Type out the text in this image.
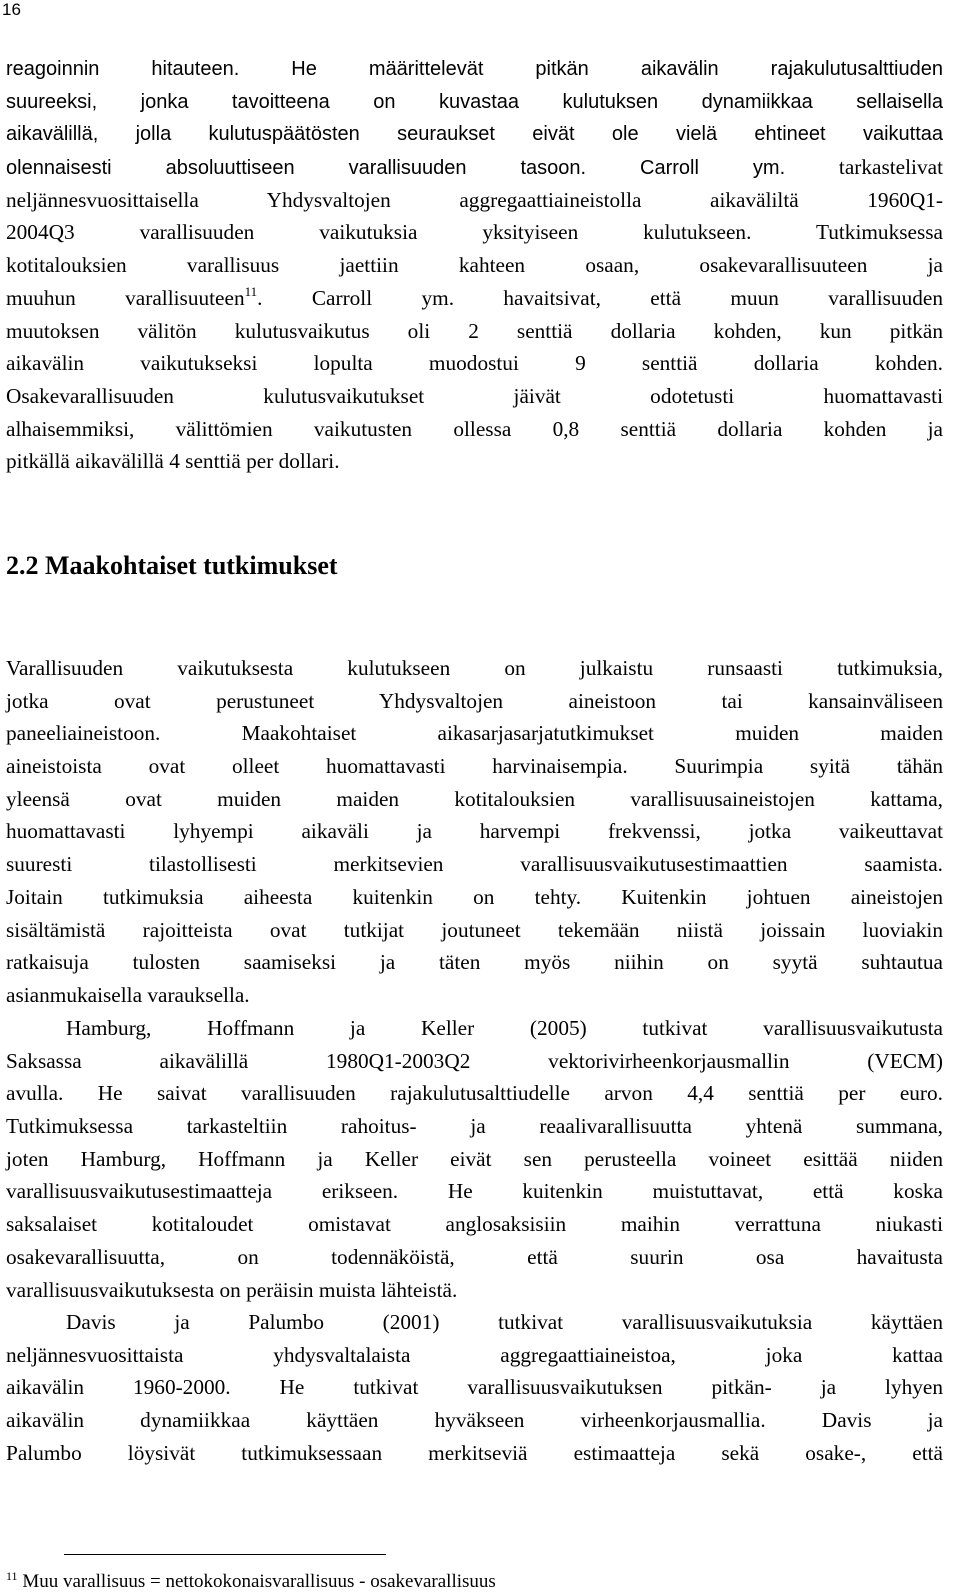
16
reagoinnin hitauteen. He määrittelevät pitkän aikavälin rajakulutusalttiuden
suureeksi, jonka tavoitteena on kuvastaa kulutuksen dynamiikkaa sellaisella
aikavälillä, jolla kulutuspäätösten seuraukset eivät ole vielä ehtineet vaikuttaa
olennaisesti absoluuttiseen varallisuuden tasoon. Carroll ym. tarkastelivat
neljännesvuosittaisella Yhdysvaltojen aggregaattiaineistolla aikaväliltä 1960Q1-
2004Q3 varallisuuden vaikutuksia yksityiseen kulutukseen. Tutkimuksessa
kotitalouksien varallisuus jaettiin kahteen osaan, osakevarallisuuteen ja
muuhun varallisuuteen$^{11}$. Carroll ym. havaitsivat, että muun varallisuuden
muutoksen välitön kulutusvaikutus oli 2 senttiä dollaria kohden, kun pitkän
aikavälin vaikutukseksi lopulta muodostui 9 senttiä dollaria kohden.
Osakevarallisuuden kulutusvaikutukset jäivät odotetusti huomattavasti
alhaisemmiksi, välittömien vaikutusten ollessa 0,8 senttiä dollaria kohden ja
pitkällä aikavälillä 4 senttiä per dollari.
2.2 Maakohtaiset tutkimukset
Varallisuuden vaikutuksesta kulutukseen on julkaistu runsaasti tutkimuksia,
jotka ovat perustuneet Yhdysvaltojen aineistoon tai kansainväliseen
paneeliaineistoon. Maakohtaiset aikasarjasarjatutkimukset muiden maiden
aineistoista ovat olleet huomattavasti harvinaisempia. Suurimpia syitä tähän
yleensä ovat muiden maiden kotitalouksien varallisuusaineistojen kattama,
huomattavasti lyhyempi aikaväli ja harvempi frekvenssi, jotka vaikeuttavat
suuresti tilastollisesti merkitsevien varallisuusvaikutusestimaattien saamista.
Joitain tutkimuksia aiheesta kuitenkin on tehty. Kuitenkin johtuen aineistojen
sisältämistä rajoitteista ovat tutkijat joutuneet tekemään niistä joissain luoviakin
ratkaisuja tulosten saamiseksi ja täten myös niihin on syytä suhtautua
asianmukaisella varauksella.
Hamburg, Hoffmann ja Keller (2005) tutkivat varallisuusvaikutusta
Saksassa aikavälillä 1980Q1-2003Q2 vektorivirheenkorjausmallin (VECM)
avulla. He saivat varallisuuden rajakulutusalttiudelle arvon 4,4 senttiä per euro.
Tutkimuksessa tarkasteltiin rahoitus- ja reaalivarallisuutta yhtenä summana,
joten Hamburg, Hoffmann ja Keller eivät sen perusteella voineet esittää niiden
varallisuusvaikutusestimaatteja erikseen. He kuitenkin muistuttavat, että koska
saksalaiset kotitaloudet omistavat anglosaksisiin maihin verrattuna niukasti
osakevarallisuutta, on todennäköistä, että suurin osa havaitusta
varallisuusvaikutuksesta on peräisin muista lähteistä.
Davis ja Palumbo (2001) tutkivat varallisuusvaikutuksia käyttäen
neljännesvuosittaista yhdysvaltalaista aggregaattiaineistoa, joka kattaa
aikavälin 1960-2000. He tutkivat varallisuusvaikutuksen pitkän- ja lyhyen
aikavälin dynamiikkaa käyttäen hyväkseen virheenkorjausmallia. Davis ja
Palumbo löysivät tutkimuksessaan merkitseviä estimaatteja sekä osake-, että
$^{11}$ Muu varallisuus = nettokokonaisvarallisuus - osakevarallisuus
